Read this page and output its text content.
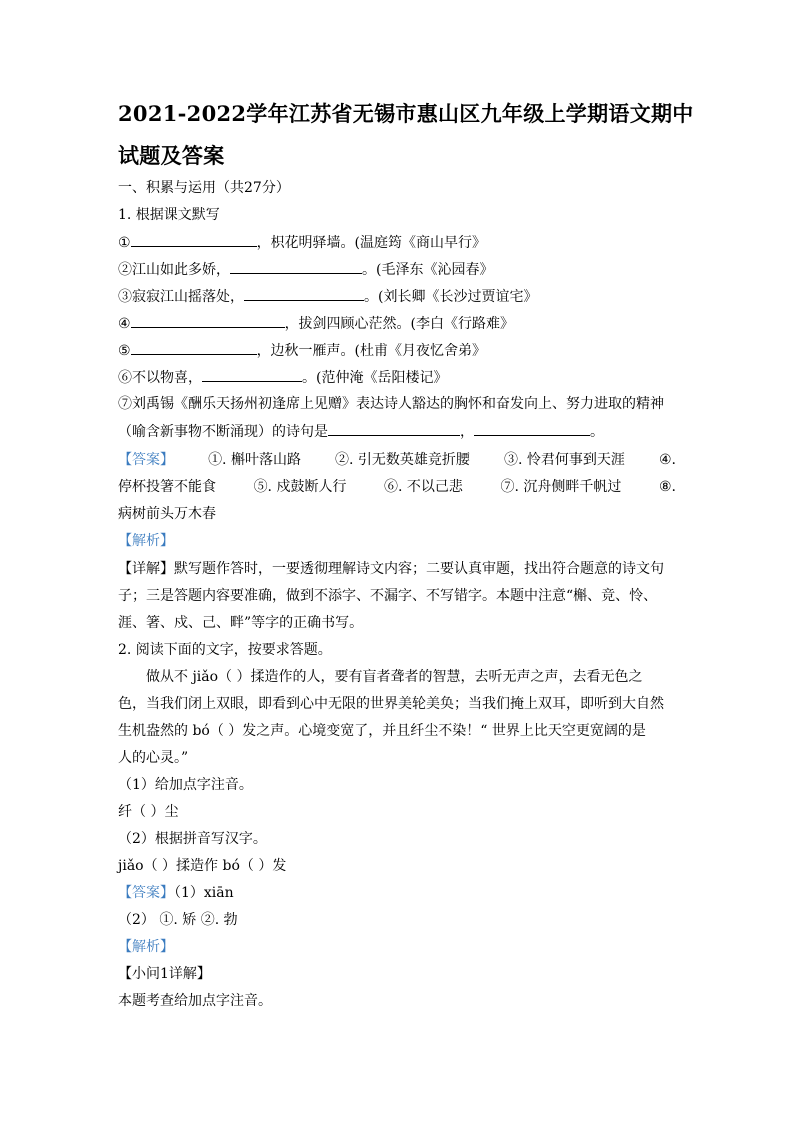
2021-2022学年江苏省无锡市惠山区九年级上学期语文期中
试题及答案
一、积累与运用（共27分）
1. 根据课文默写
①	，枳花明驿墙。(温庭筠《商山早行》
②江山如此多娇，	。(毛泽东《沁园春》
③寂寂江山摇落处，	。(刘长卿《长沙过贾谊宅》
④	，拔剑四顾心茫然。(李白《行路难》
⑤	，边秋一雁声。(杜甫《月夜忆舍弟》
⑥不以物喜，	。(范仲淹《岳阳楼记》
⑦刘禹锡《酬乐天扬州初逢席上见赠》表达诗人豁达的胸怀和奋发向上、努力进取的精神
（喻含新事物不断涌现）的诗句是	，	。
【答案】 ①. 槲叶落山路 ②. 引无数英雄竞折腰 ③. 怜君何事到天涯 ④.
停杯投箸不能食	⑤. 戍鼓断人行	⑥. 不以己悲	⑦. 沉舟侧畔千帆过	⑧.
病树前头万木春
【解析】
【详解】默写题作答时，一要透彻理解诗文内容；二要认真审题，找出符合题意的诗文句
子；三是答题内容要准确，做到不添字、不漏字、不写错字。本题中注意“槲、竞、怜、
涯、箸、戍、己、畔”等字的正确书写。
2. 阅读下面的文字，按要求答题。
做从不 jiǎo（ ）揉造作的人，要有盲者聋者的智慧，去听无声之声，去看无色之
色，当我们闭上双眼，即看到心中无限的世界美轮美奂；当我们掩上双耳，即听到大自然
生机盎然的 bó（ ）发之声。心境变宽了，并且纤尘不染！“ 世界上比天空更宽阔的是
人的心灵。”
（1）给加点字注音。
纤（ ）尘
（2）根据拼音写汉字。
jiǎo（ ）揉造作 bó（ ）发
【答案】（1）xiān
（2） ①. 矫 ②. 勃
【解析】
【小问1详解】
本题考查给加点字注音。
